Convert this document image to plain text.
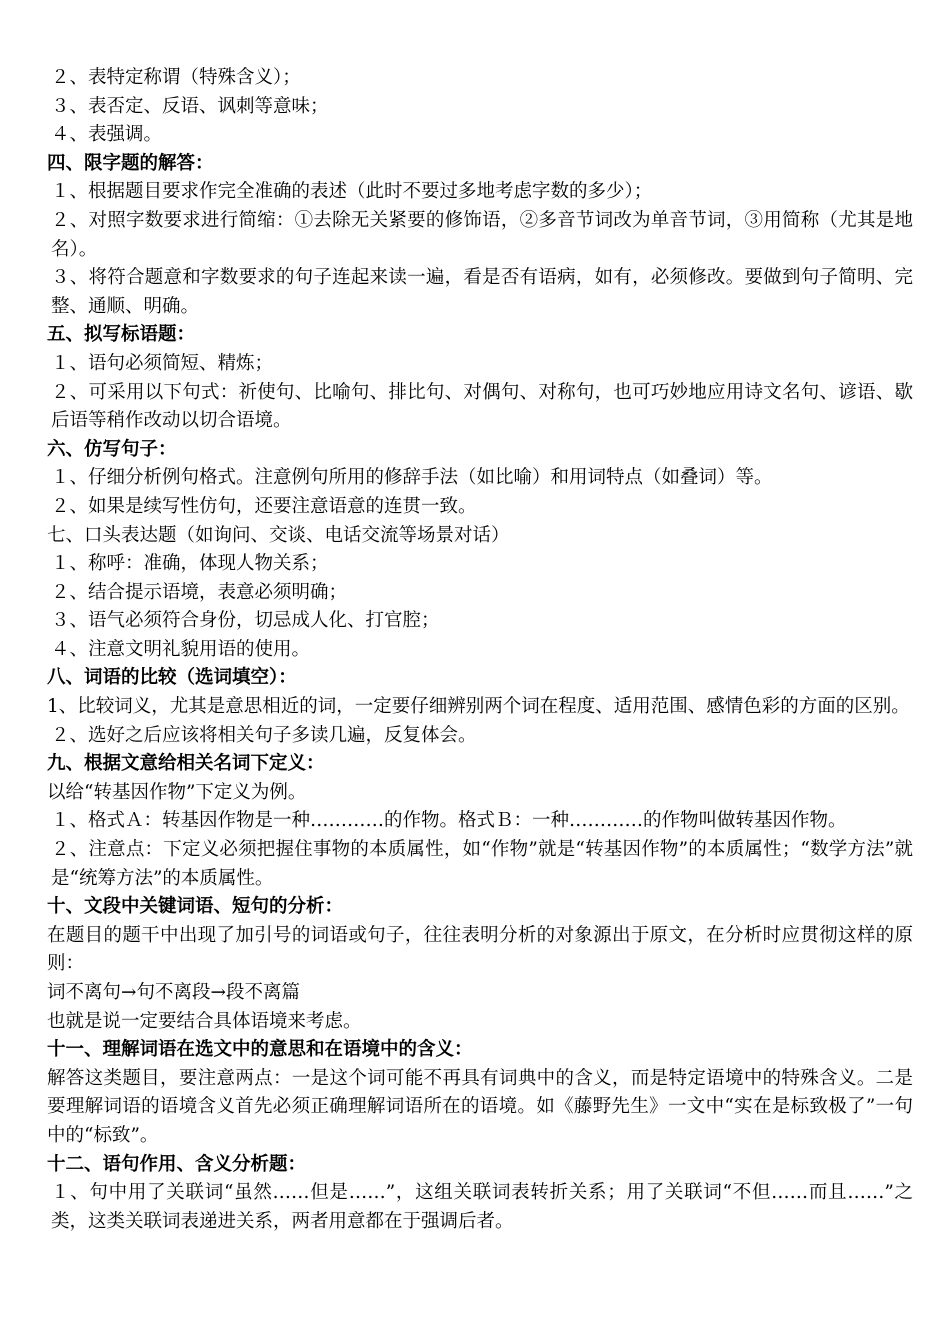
２、表特定称谓（特殊含义）；

３、表否定、反语、讽刺等意味；

４、表强调。

四、限字题的解答：

１、根据题目要求作完全准确的表述（此时不要过多地考虑字数的多少）；

２、对照字数要求进行简缩：①去除无关紧要的修饰语，②多音节词改为单音节词，③用简称（尤其是地名）。

３、将符合题意和字数要求的句子连起来读一遍，看是否有语病，如有，必须修改。要做到句子简明、完整、通顺、明确。

五、拟写标语题：

１、语句必须简短、精炼；

２、可采用以下句式：祈使句、比喻句、排比句、对偶句、对称句，也可巧妙地应用诗文名句、谚语、歇后语等稍作改动以切合语境。

六、仿写句子：

１、仔细分析例句格式。注意例句所用的修辞手法（如比喻）和用词特点（如叠词）等。

２、如果是续写性仿句，还要注意语意的连贯一致。

七、口头表达题（如询问、交谈、电话交流等场景对话）

１、称呼：准确，体现人物关系；

２、结合提示语境，表意必须明确；

３、语气必须符合身份，切忌成人化、打官腔；

４、注意文明礼貌用语的使用。

八、词语的比较（选词填空）：

1、比较词义，尤其是意思相近的词，一定要仔细辨别两个词在程度、适用范围、感情色彩的方面的区别。

２、选好之后应该将相关句子多读几遍，反复体会。

九、根据文意给相关名词下定义：

以给“转基因作物”下定义为例。

１、格式Ａ：转基因作物是一种…………的作物。格式Ｂ：一种…………的作物叫做转基因作物。

２、注意点：下定义必须把握住事物的本质属性，如“作物”就是“转基因作物”的本质属性；“数学方法”就是“统筹方法”的本质属性。

十、文段中关键词语、短句的分析：

在题目的题干中出现了加引号的词语或句子，往往表明分析的对象源出于原文，在分析时应贯彻这样的原则：

词不离句→句不离段→段不离篇

也就是说一定要结合具体语境来考虑。

十一、理解词语在选文中的意思和在语境中的含义：

解答这类题目，要注意两点：一是这个词可能不再具有词典中的含义，而是特定语境中的特殊含义。二是要理解词语的语境含义首先必须正确理解词语所在的语境。如《藤野先生》一文中“实在是标致极了”一句中的“标致”。

十二、语句作用、含义分析题：

１、句中用了关联词“虽然……但是……”，这组关联词表转折关系；用了关联词“不但……而且……”之类，这类关联词表递进关系，两者用意都在于强调后者。
